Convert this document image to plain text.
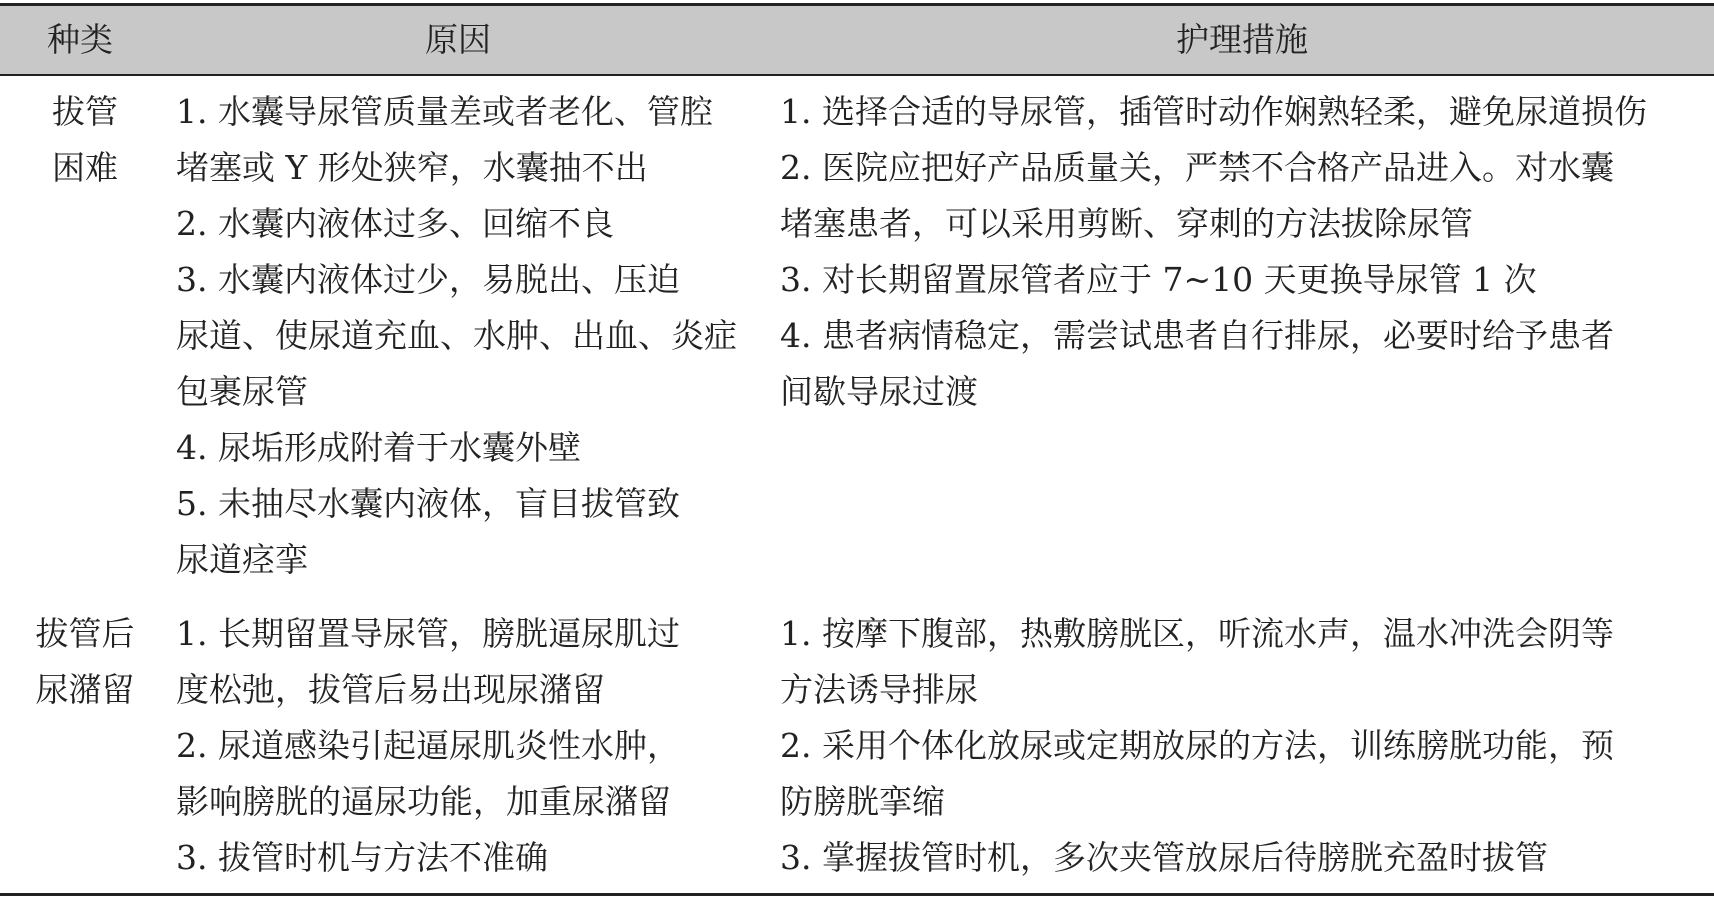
种类	原因	护理措施
拔管
困难
1. 水囊导尿管质量差或者老化、管腔
堵塞或 Y 形处狭窄，水囊抽不出
2. 水囊内液体过多、回缩不良
3. 水囊内液体过少，易脱出、压迫
尿道、使尿道充血、水肿、出血、炎症
包裹尿管
4. 尿垢形成附着于水囊外壁
5. 未抽尽水囊内液体，盲目拔管致
尿道痉挛
1. 选择合适的导尿管，插管时动作娴熟轻柔，避免尿道损伤
2. 医院应把好产品质量关，严禁不合格产品进入。对水囊
堵塞患者，可以采用剪断、穿刺的方法拔除尿管
3. 对长期留置尿管者应于 7~10 天更换导尿管 1 次
4. 患者病情稳定，需尝试患者自行排尿，必要时给予患者
间歇导尿过渡
拔管后
尿潴留
1. 长期留置导尿管，膀胱逼尿肌过
度松弛，拔管后易出现尿潴留
2. 尿道感染引起逼尿肌炎性水肿，
影响膀胱的逼尿功能，加重尿潴留
3. 拔管时机与方法不准确
1. 按摩下腹部，热敷膀胱区，听流水声，温水冲洗会阴等
方法诱导排尿
2. 采用个体化放尿或定期放尿的方法，训练膀胱功能，预
防膀胱挛缩
3. 掌握拔管时机，多次夹管放尿后待膀胱充盈时拔管
